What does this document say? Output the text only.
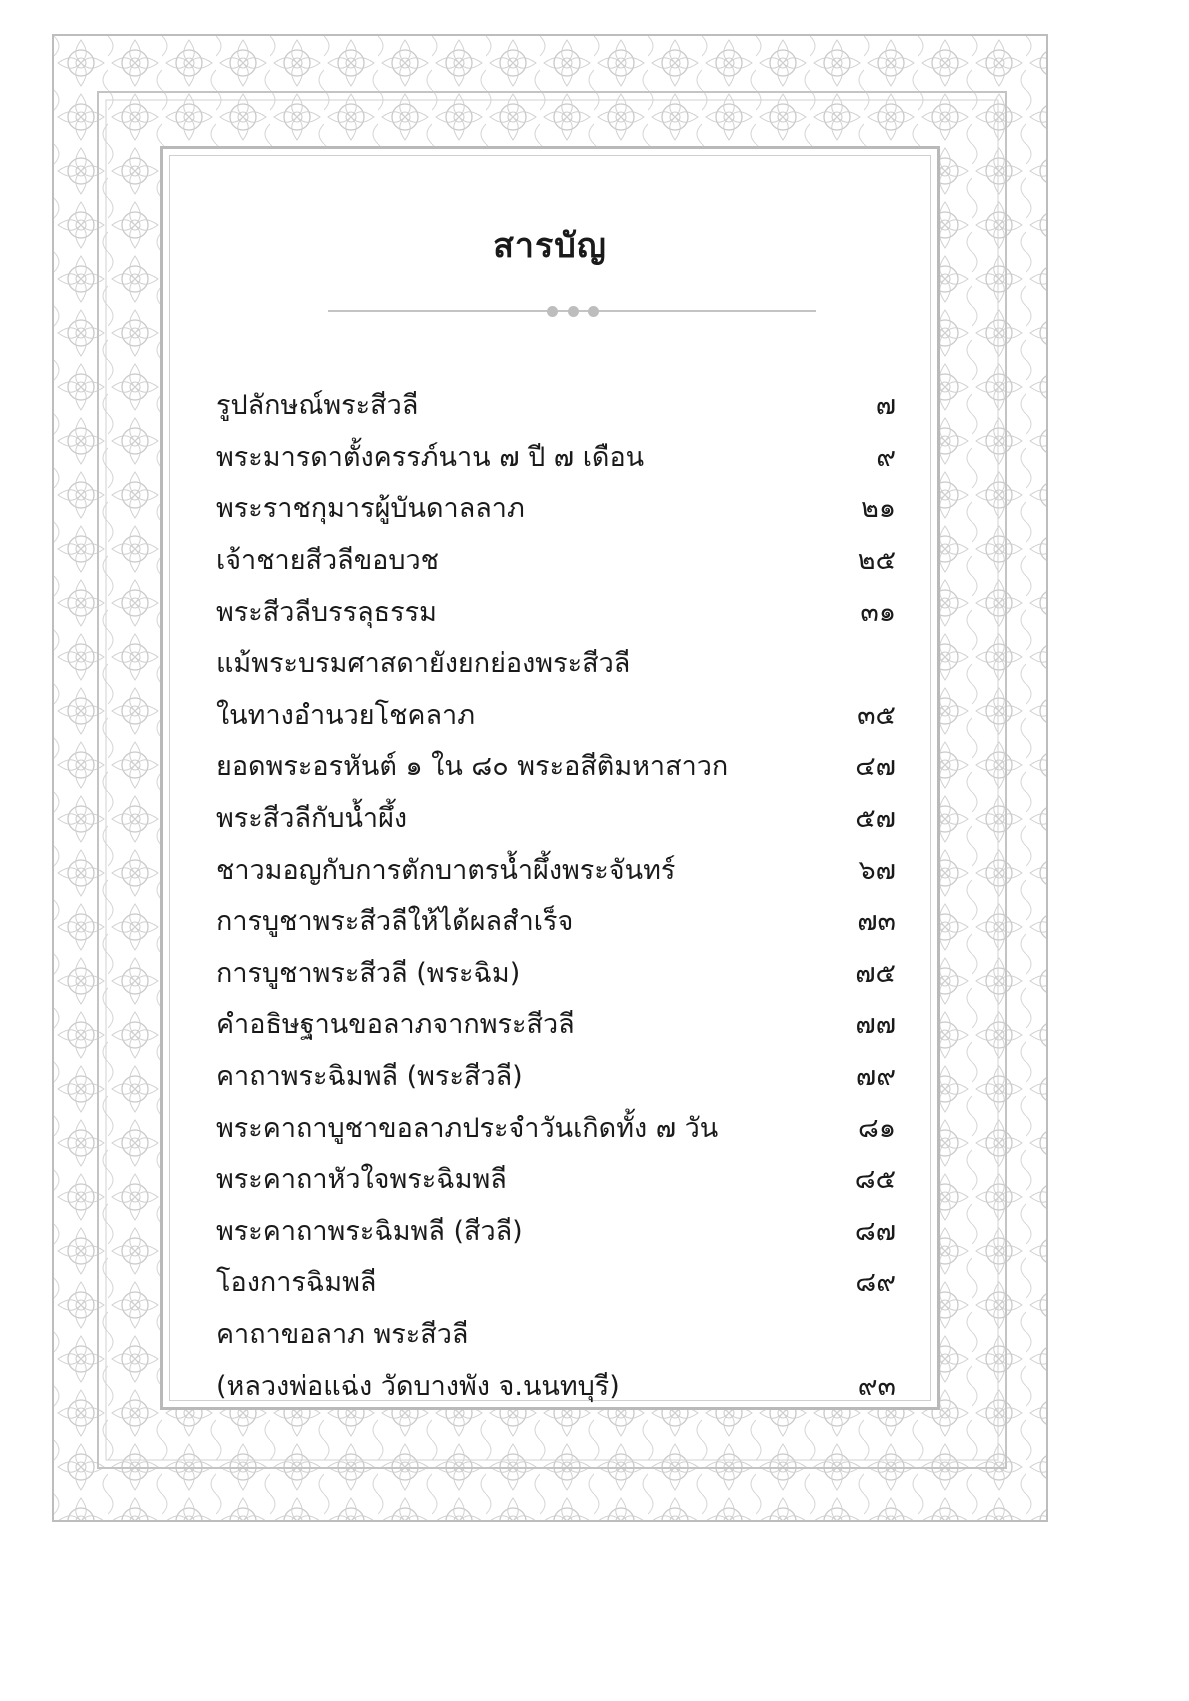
สารบัญ
รูปลักษณ์พระสีวลี	๗
พระมารดาตั้งครรภ์นาน ๗ ปี ๗ เดือน	๙
พระราชกุมารผู้บันดาลลาภ	๒๑
เจ้าชายสีวลีขอบวช	๒๕
พระสีวลีบรรลุธรรม	๓๑
แม้พระบรมศาสดายังยกย่องพระสีวลี
ในทางอำนวยโชคลาภ	๓๕
ยอดพระอรหันต์ ๑ ใน ๘๐ พระอสีติมหาสาวก	๔๗
พระสีวลีกับน้ำผึ้ง	๕๗
ชาวมอญกับการตักบาตรน้ำผึ้งพระจันทร์	๖๗
การบูชาพระสีวลีให้ได้ผลสำเร็จ	๗๓
การบูชาพระสีวลี (พระฉิม)	๗๕
คำอธิษฐานขอลาภจากพระสีวลี	๗๗
คาถาพระฉิมพลี (พระสีวลี)	๗๙
พระคาถาบูชาขอลาภประจำวันเกิดทั้ง ๗ วัน	๘๑
พระคาถาหัวใจพระฉิมพลี	๘๕
พระคาถาพระฉิมพลี (สีวลี)	๘๗
โองการฉิมพลี	๘๙
คาถาขอลาภ พระสีวลี
(หลวงพ่อแฉ่ง วัดบางพัง จ.นนทบุรี)	๙๓
